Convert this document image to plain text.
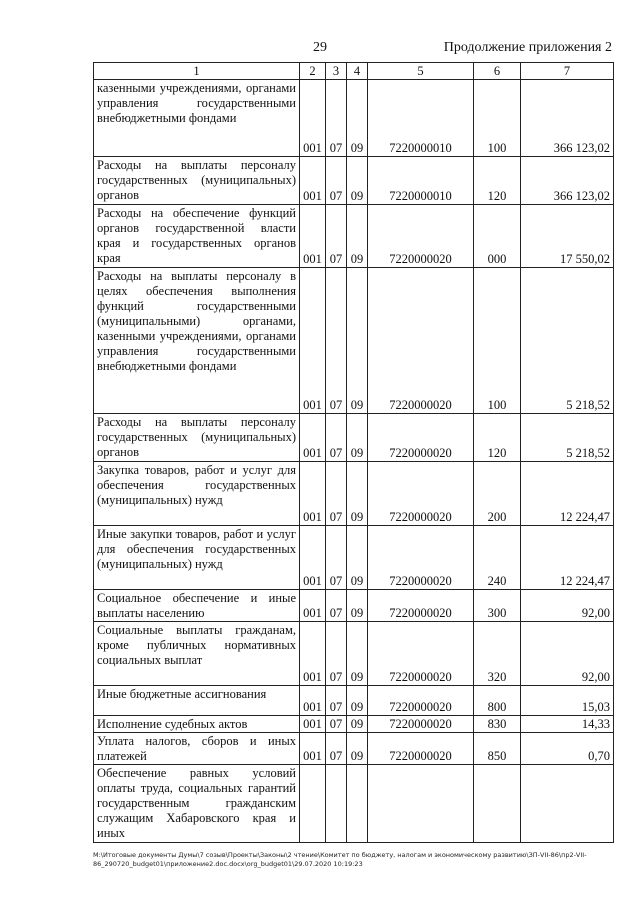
29	Продолжение приложения 2
1	2	3	4	5	6	7
казенными учреждениями, органами управления государственными внебюджетными фондами	001	07	09	7220000010	100	366 123,02
Расходы на выплаты персоналу государственных (муниципальных) органов	001	07	09	7220000010	120	366 123,02
Расходы на обеспечение функций органов государственной власти края и государственных органов края	001	07	09	7220000020	000	17 550,02
Расходы на выплаты персоналу в целях обеспечения выполнения функций государственными (муниципальными) органами, казенными учреждениями, органами управления государственными внебюджетными фондами	001	07	09	7220000020	100	5 218,52
Расходы на выплаты персоналу государственных (муниципальных) органов	001	07	09	7220000020	120	5 218,52
Закупка товаров, работ и услуг для обеспечения государственных (муниципальных) нужд	001	07	09	7220000020	200	12 224,47
Иные закупки товаров, работ и услуг для обеспечения государственных (муниципальных) нужд	001	07	09	7220000020	240	12 224,47
Социальное обеспечение и иные выплаты населению	001	07	09	7220000020	300	92,00
Социальные выплаты гражданам, кроме публичных нормативных социальных выплат	001	07	09	7220000020	320	92,00
Иные бюджетные ассигнования	001	07	09	7220000020	800	15,03
Исполнение судебных актов	001	07	09	7220000020	830	14,33
Уплата налогов, сборов и иных платежей	001	07	09	7220000020	850	0,70
Обеспечение равных условий оплаты труда, социальных гарантий государственным гражданским служащим Хабаровского края и иных						
M:\Итоговые документы Думы\7 созыв\Проекты\Законы\2 чтение\Комитет по бюджету, налогам и экономическому развитию\ЗП-VII-86\пр2-VII-86_290720_budget01\приложение2.doc.docx\org_budget01\29.07.2020 10:19:23
